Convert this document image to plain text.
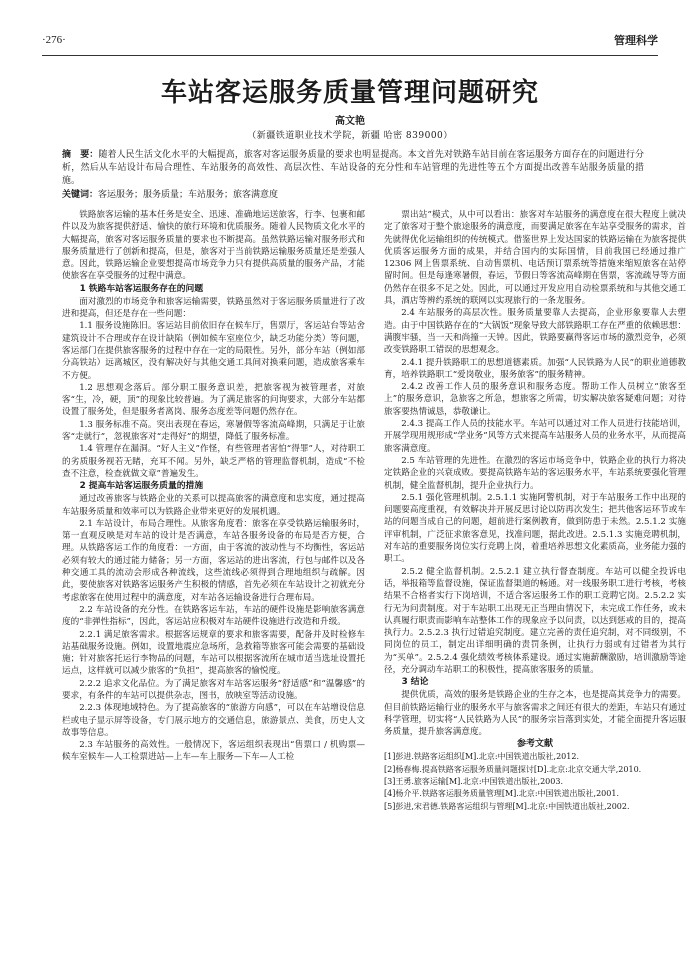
·276·	管理科学
车站客运服务质量管理问题研究
高文艳
（新疆铁道职业技术学院，新疆 哈密 839000）
摘　要：随着人民生活文化水平的大幅提高，旅客对客运服务质量的要求也明显提高。本文首先对铁路车站目前在客运服务方面存在的问题进行分析，然后从车站设计布局合理性、车站服务的高效性、高层次性、车站设备的充分性和车站管理的先进性等五个方面提出改善车站服务质量的措施。
关键词：客运服务；服务质量；车站服务；旅客满意度

铁路旅客运输的基本任务是安全、迅速、准确地运送旅客，行李、包裹和邮件以及为旅客提供舒适、愉快的旅行环境和优质服务。随着人民物质文化水平的大幅提高，旅客对客运服务质量的要求也不断提高。虽然铁路运输对服务形式和服务质量进行了创新和提高，但是，旅客对于当前铁路运输服务质量还是差强人意。因此，铁路运输企业要想提高市场竞争力只有提供高质量的服务产品，才能使旅客在享受服务的过程中满意。

1 铁路车站客运服务存在的问题

面对激烈的市场竞争和旅客运输需要，铁路虽然对于客运服务质量进行了改进和提高，但还是存在一些问题：

1.1 服务设施陈旧。客运站目前依旧存在候车厅，售票厅，客运站台等站舍建筑设计不合理或存在设计缺陷（例如候车室座位少，缺乏功能分类）等问题，客运部门在提供旅客服务的过程中存在一定的局限性。另外，部分车站（例如部分高铁站）远离城区，没有解决好与其他交通工具间对换乘问题，造成旅客乘车不方便。

1.2 思想观念落后。部分职工服务意识差，把旅客视为被管理者，对旅客“生，冷，硬，顶”的现象比较普遍。为了满足旅客的问询要求，大部分车站都设置了服务处，但是服务者离岗、服务态度差等问题仍然存在。

1.3 服务标准不高。突出表现在春运，寒暑假等客流高峰期，只满足于让旅客“走就行”，忽视旅客对“走得好”的期望，降低了服务标准。

1.4 管理存在漏洞。“好人主义”作怪，有些管理者害怕“得罪”人，对待职工的劣质服务视若无睹，充耳不闻。另外，缺乏严格的管理监督机制，造成“不检查不注意，检查就做文章”普遍发生。

2 提高车站客运服务质量的措施

通过改善旅客与铁路企业的关系可以提高旅客的满意度和忠实度，通过提高车站服务质量和效率可以为铁路企业带来更好的发展机遇。

2.1 车站设计，布局合理性。从旅客角度看：旅客在享受铁路运输服务时，第一直观反映是对车站的设计是否满意，车站各服务设备的布局是否方便，合理。从铁路客运工作的角度看：一方面，由于客流的波动性与不均衡性，客运站必须有较大的通过能力储备；另一方面，客运站的进出客流，行包与邮件以及各种交通工具的流动会形成各种流线，这些流线必须得到合理地组织与疏解。因此，要使旅客对铁路客运服务产生积极的情感，首先必须在车站设计之初就充分考虑旅客在使用过程中的满意度，对车站各运输设备进行合理布局。

2.2 车站设备的充分性。在铁路客运车站，车站的硬件设施是影响旅客满意度的“非弹性指标”，因此，客运站应积极对车站硬件设施进行改造和升级。

2.2.1 满足旅客需求。根据客运规章的要求和旅客需要，配备并及时检修车站基础服务设施。例如，设置地震应急场所，急救箱等旅客可能会需要的基础设施；针对旅客托运行李物品的问题，车站可以根据客流所在城市适当选址设置托运点，这样就可以减少旅客的“负担”，提高旅客的愉悦度。

2.2.2 追求文化品位。为了满足旅客对车站客运服务“舒适感”和“温馨感”的要求，有条件的车站可以提供杂志，图书，放映室等活动设施。

2.2.3 体现地域特色。为了提高旅客的“旅游方向感”，可以在车站增设信息栏或电子显示屏等设备，专门展示地方的交通信息，旅游景点、美食，历史人文故事等信息。

2.3 车站服务的高效性。一般情况下，客运组织表现出“售票口 / 机购票—候车室候车—人工检票进站—上车—车上服务—下车—人工检

票出站”模式，从中可以看出：旅客对车站服务的满意度在很大程度上就决定了旅客对于整个旅途服务的满意度，而要满足旅客在车站享受服务的需求，首先就得优化运输组织的传统模式。借鉴世界上发达国家的铁路运输在为旅客提供优质客运服务方面的成果，并结合国内的实际国情，目前我国已经通过推广 12306 网上售票系统、自动售票机、电话预订票系统等措施来缩短旅客在站停留时间。但是每逢寒暑假，春运，节假日等客流高峰期在售票，客流疏导等方面仍然存在很多不足之处。因此，可以通过开发应用自动检票系统和与其他交通工具，酒店等辨约系统的联网以实现旅行的一条龙服务。

2.4 车站服务的高层次性。服务质量要靠人去提高，企业形象要靠人去塑造。由于中国铁路存在的“大锅饭”现象导致大部铁路职工存在严重的依赖思想：满腹牢骚，当一天和尚撞一天钟。因此，铁路要赢得客运市场的激烈竞争，必须改变铁路职工错误的思想观念。

2.4.1 提升铁路职工的思想道德素质。加强“人民铁路为人民”的职业道德教育，培养铁路职工“爱岗敬业，服务旅客”的服务精神。

2.4.2 改善工作人员的服务意识和服务态度。帮助工作人员树立“旅客至上”的服务意识，急旅客之所急，想旅客之所需，切实解决旅客疑难问题；对待旅客要热情诚恳，恭敬谦让。

2.4.3 提高工作人员的技能水平。车站可以通过对工作人员进行技能培训，开展学现用规形成“学业务”风等方式来提高车站服务人员的业务水平，从而提高旅客满意度。

2.5 车站管理的先进性。在激烈的客运市场竞争中，铁路企业的执行力将决定铁路企业的兴衰成败。要提高铁路车站的客运服务水平，车站系统要强化管理机制，健全监督机制，提升企业执行力。

2.5.1 强化管理机制。2.5.1.1 实施阿警机制，对于车站服务工作中出现的问题要高度重视，有效解决并开展反思讨论以防再次发生；把共他客运环节或车站的问题当成自己的问题，超前进行案例教育，做到防患于未然。2.5.1.2 实施评审机制，广泛征求旅客意见，找准问题，据此改进。2.5.1.3 实施竞聘机制，对车站的重要服务岗位实行竞聘上岗，着重培养思想文化素质高，业务能力强的职工。

2.5.2 健全监督机制。2.5.2.1 建立执行督查制度。车站可以健全投诉电话，举报箱等监督设施，保证监督渠道的畅通。对一线服务职工进行考核，考核结果不合格者实行下岗培训，不适合客运服务工作的职工竞聘它岗。2.5.2.2 实行无为问责制度。对于车站职工出现无正当理由情况下，未完成工作任务，或未认真履行职责而影响车站整体工作的现象应予以问责，以达到惩戒的目的，提高执行力。2.5.2.3 执行过错追究制度。建立完善的责任追究制，对不同级别，不同岗位的员工，制定出详细明确的责罚条例，让执行力弱或有过错者为其行为“买单”。2.5.2.4 强化绩效考核体系建设。通过实施薪酬激励，培训激励等途径，充分调动车站职工的积极性，提高旅客服务的质量。

3 结论

提供优质，高效的服务是铁路企业的生存之本，也是提高其竞争力的需要。但目前铁路运输行业的服务水平与旅客需求之间还有很大的差距，车站只有通过科学管理，切实将“人民铁路为人民”的服务宗旨落到实处，才能全面提升客运服务质量，提升旅客满意度。

参考文献
[1]彭进.铁路客运组织[M].北京:中国铁道出版社,2012.
[2]杨春梅.提高铁路客运服务质量问题探讨[D].北京:北京交通大学,2010.
[3]王勇.旅客运输[M].北京:中国铁道出版社,2003.
[4]杨介平.铁路客运服务质量管理[M].北京:中国铁道出版社,2001.
[5]彭进,宋君德.铁路客运组织与管理[M].北京:中国铁道出版社,2002.
